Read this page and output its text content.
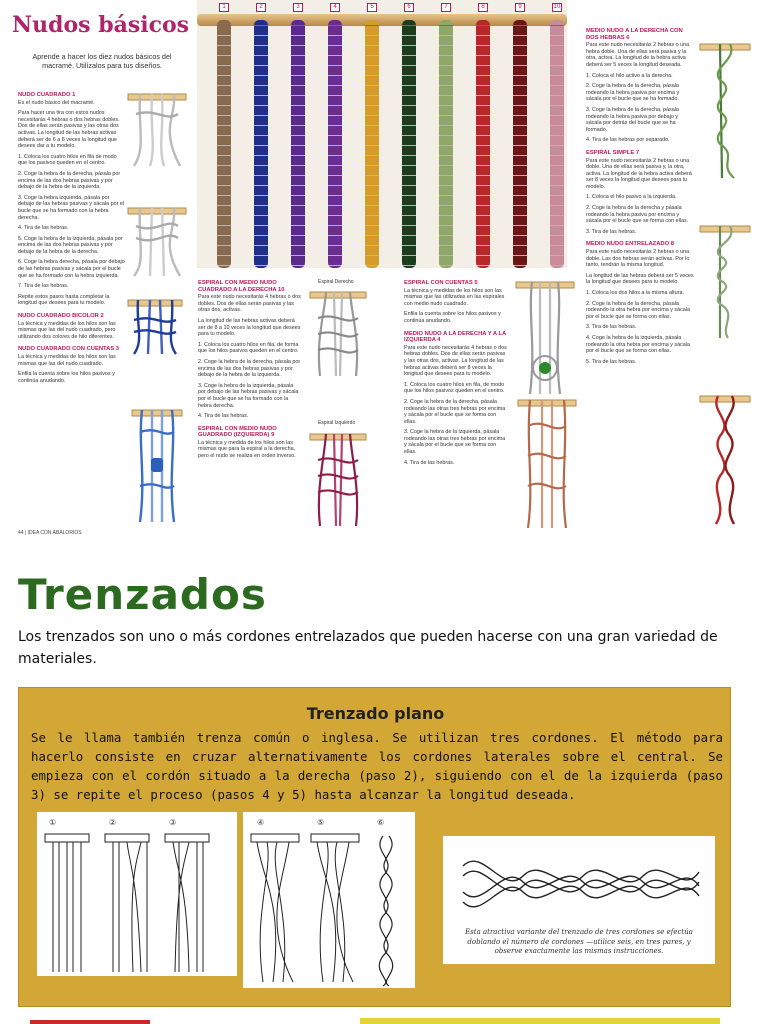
Nudos básicos

Aprende a hacer los diez nudos básicos del macramé. Utilízalos para tus diseños.

NUDO CUADRADO 1

Es el nudo básico del macramé.

Para hacer una tira con estos nudos necesitarás 4 hebras o dos hebras dobles. Dos de ellas serán pasivas y las otras dos activas. La longitud de las hebras activas deberá ser de 6 a 8 veces la longitud que desees dar a tu modelo.

1. Coloca los cuatro hilos en fila de modo que los pasivos queden en el centro.

2. Coge la hebra de la derecha, pásala por encima de las dos hebras pasivas y por debajo de la hebra de la izquierda.

3. Coge la hebra izquierda, pásala por debajo de las hebras pasivas y sácala por el bucle que se ha formado con la hebra derecha.

4. Tira de las hebras.

5. Coge la hebra de la izquierda, pásala por encima de las dos hebras pasivas y por debajo de la hebra de la derecha.

6. Coge la hebra derecha, pásala por debajo de las hebras pasivas y sácala por el bucle que se ha formado con la hebra izquierda.

7. Tira de las hebras.

Repite estos pasos hasta completar la longitud que desees para tu modelo.

NUDO CUADRADO BICOLOR 2

La técnica y medidas de los hilos son las mismas que las del nudo cuadrado, pero utilizando dos colores de hilo diferentes.

NUDO CUADRADO CON CUENTAS 3

La técnica y medidas de los hilos son las mismas que las del nudo cuadrado.

Enfila la cuenta sobre los hilos pasivos y continúa anudando.

1	2	3	4	5	6	7	8	9	10
ESPIRAL CON MEDIO NUDO CUADRADO A LA DERECHA 10

Para este nudo necesitarás 4 hebras o dos dobles. Dos de ellas serán pasivas y las otras dos, activas.

La longitud de las hebras activas deberá ser de 8 a 10 veces la longitud que desees para tu modelo.

1. Coloca los cuatro hilos en fila, de forma que los hilos pasivos queden en el centro.

2. Coge la hebra de la derecha, pásala por encima de las dos hebras pasivas y por debajo de la hebra de la izquierda.

3. Coge la hebra de la izquierda, pásala por debajo de las hebras pasivas y sácala por el bucle que se ha formado con la hebra derecha.

4. Tira de las hebras.

ESPIRAL CON MEDIO NUDO GUADRADO (IZQUIERDA) 9

La técnica y medida de los hilos son las mismas que para la espiral a la derecha, pero el nudo se realiza en orden inverso.

Espiral Derecho
Espiral Izquierdo
ESPIRAL CON CUENTAS 5

La técnica y medidas de los hilos son las mismas que las utilizadas en las espirales con medio nudo cuadrado.

Enfila la cuenta sobre los hilos pasivos y continúa anudando.

MEDIO NUDO A LA DERECHA Y A LA IZQUIERDA 4

Para este nudo necesitarás 4 hebras o dos hebras dobles. Dos de ellas serán pasivas y las otras dos, activas. La longitud de las hebras activas deberá ser 8 veces la longitud que desees para tu modelo.

1. Coloca los cuatro hilos en fila, de modo que los hilos pasivos queden en el centro.

2. Coge la hebra de la derecha, pásala rodeando las otras tres hebras por encima y sácala por el bucle que se forma con ellas.

3. Coge la hebra de la izquierda, pásala rodeando las otras tres hebras por encima y sácala por el bucle que se forma con ellas.

4. Tira de las hebras.

MEDIO NUDO A LA DERECHA CON DOS HEBRAS 6

Para este nudo necesitarás 2 hebras o una hebra doble. Una de ellas será pasiva y la otra, activa. La longitud de la hebra activa deberá ser 5 veces la longitud deseada.

1. Coloca el hilo activo a la derecha.

2. Coge la hebra de la derecha, pásala rodeando la hebra pasiva por encima y sácala por el bucle que se ha formado.

3. Coge la hebra de la derecha, pásala rodeando la hebra pasiva por debajo y sácala por detrás del bucle que se ha formado.

4. Tira de las hebras por separado.

ESPIRAL SIMPLE 7

Para este nudo necesitarás 2 hebras o una doble. Una de ellas será pasiva y, la otra, activa. La longitud de la hebra activa deberá ser 8 veces la longitud que desees para tu modelo.

1. Coloca el hilo pasivo a la izquierda.

2. Coge la hebra de la derecha y pásala rodeando la hebra pasiva por encima y sácala por el bucle que se forma con ellas.

3. Tira de las hebras.

MEDIO NUDO ENTRELAZADO 8

Para este nudo necesitarás 2 hebras o una doble. Las dos hebras serán activas. Por lo tanto, tendrán la misma longitud.

La longitud de las hebras deberá ser 5 veces la longitud que desees para tu modelo.

1. Coloca los dos hilos a la misma altura.

2. Coge la hebra de la derecha, pásala rodeando la otra hebra por encima y sácala por el bucle que se forma con ellas.

3. Tira de las hebras.

4. Coge la hebra de la izquierda, pásala rodeando la otra hebra por encima y sácala por el bucle que se forma con ellas.

5. Tira de las hebras.

44 | IDEA CON ABALORIOS
Trenzados

Los trenzados son uno o más cordones entrelazados que pueden hacerse con una gran variedad de materiales.

Trenzado plano

Se le llama también trenza común o inglesa. Se utilizan tres cordones. El método para hacerlo consiste en cruzar alternativamente los cordones laterales sobre el central. Se empieza con el cordón situado a la derecha (paso 2), siguiendo con el de la izquierda (paso 3) se repite el proceso (pasos 4 y 5) hasta alcanzar la longitud deseada.

①	②	③	④	⑤	⑥

Esta atractiva variante del trenzado de tres cordones se efectúa doblando el número de cordones —utilice seis, en tres pares, y observe exactamente las mismas instrucciones.
